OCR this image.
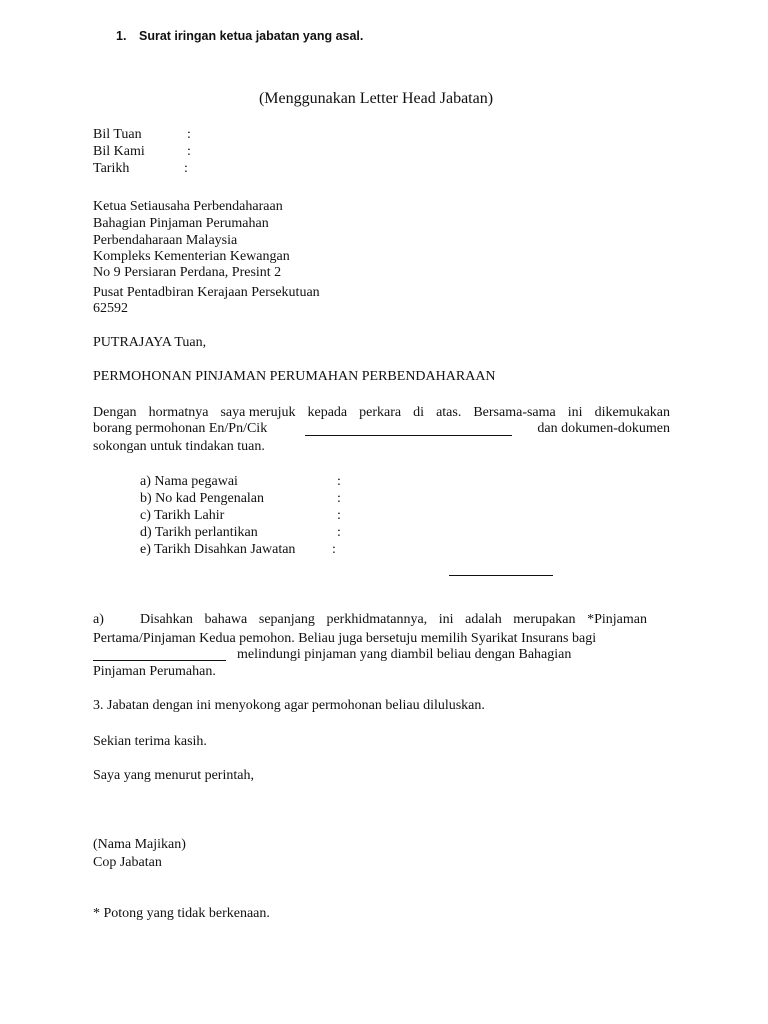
1. Surat iringan ketua jabatan yang asal.
(Menggunakan Letter Head Jabatan)
Bil Tuan	:
Bil Kami	:
Tarikh	:
Ketua Setiausaha Perbendaharaan
Bahagian Pinjaman Perumahan
Perbendaharaan Malaysia
Kompleks Kementerian Kewangan
No 9 Persiaran Perdana, Presint 2
Pusat Pentadbiran Kerajaan Persekutuan
62592
PUTRAJAYA Tuan,
PERMOHONAN PINJAMAN PERUMAHAN PERBENDAHARAAN
Dengan hormatnya saya merujuk kepada perkara di atas. Bersama-sama ini dikemukakan
borang permohonan En/Pn/Cik	dan dokumen-dokumen
sokongan untuk tindakan tuan.
a) Nama pegawai	:
b) No kad Pengenalan	:
c) Tarikh Lahir	:
d) Tarikh perlantikan	:
e) Tarikh Disahkan Jawatan	:
a)	Disahkan bahawa sepanjang perkhidmatannya, ini adalah merupakan *Pinjaman
Pertama/Pinjaman Kedua pemohon. Beliau juga bersetuju memilih Syarikat Insurans bagi
melindungi pinjaman yang diambil beliau dengan Bahagian
Pinjaman Perumahan.
3. Jabatan dengan ini menyokong agar permohonan beliau diluluskan.
Sekian terima kasih.
Saya yang menurut perintah,
(Nama Majikan)
Cop Jabatan
* Potong yang tidak berkenaan.
